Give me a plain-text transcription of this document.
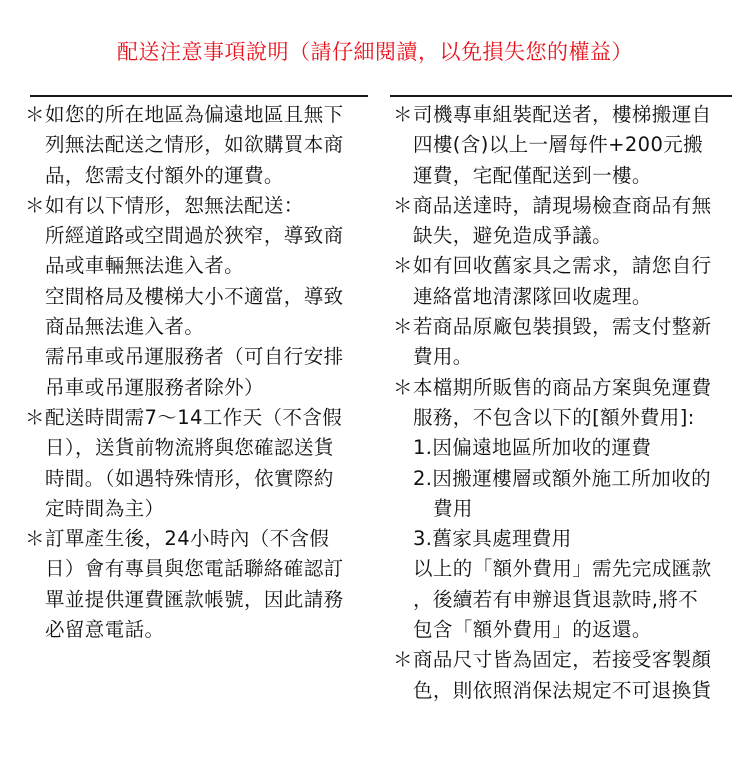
配送注意事項說明（請仔細閱讀，以免損失您的權益）
＊如您的所在地區為偏遠地區且無下
列無法配送之情形，如欲購買本商
品，您需支付額外的運費。
＊如有以下情形，恕無法配送：
所經道路或空間過於狹窄，導致商
品或車輛無法進入者。
空間格局及樓梯大小不適當，導致
商品無法進入者。
需吊車或吊運服務者（可自行安排
吊車或吊運服務者除外）
＊配送時間需7～14工作天（不含假
日），送貨前物流將與您確認送貨
時間。（如遇特殊情形，依實際約
定時間為主）
＊訂單產生後，24小時內（不含假
日）會有專員與您電話聯絡確認訂
單並提供運費匯款帳號，因此請務
必留意電話。
＊司機專車組裝配送者，樓梯搬運自
四樓(含)以上一層每件+200元搬
運費，宅配僅配送到一樓。
＊商品送達時，請現場檢查商品有無
缺失，避免造成爭議。
＊如有回收舊家具之需求，請您自行
連絡當地清潔隊回收處理。
＊若商品原廠包裝損毀，需支付整新
費用。
＊本檔期所販售的商品方案與免運費
服務，不包含以下的[額外費用]:
1.因偏遠地區所加收的運費
2.因搬運樓層或額外施工所加收的
費用
3.舊家具處理費用
以上的「額外費用」需先完成匯款
，後續若有申辦退貨退款時,將不
包含「額外費用」的返還。
＊商品尺寸皆為固定，若接受客製顏
色，則依照消保法規定不可退換貨
